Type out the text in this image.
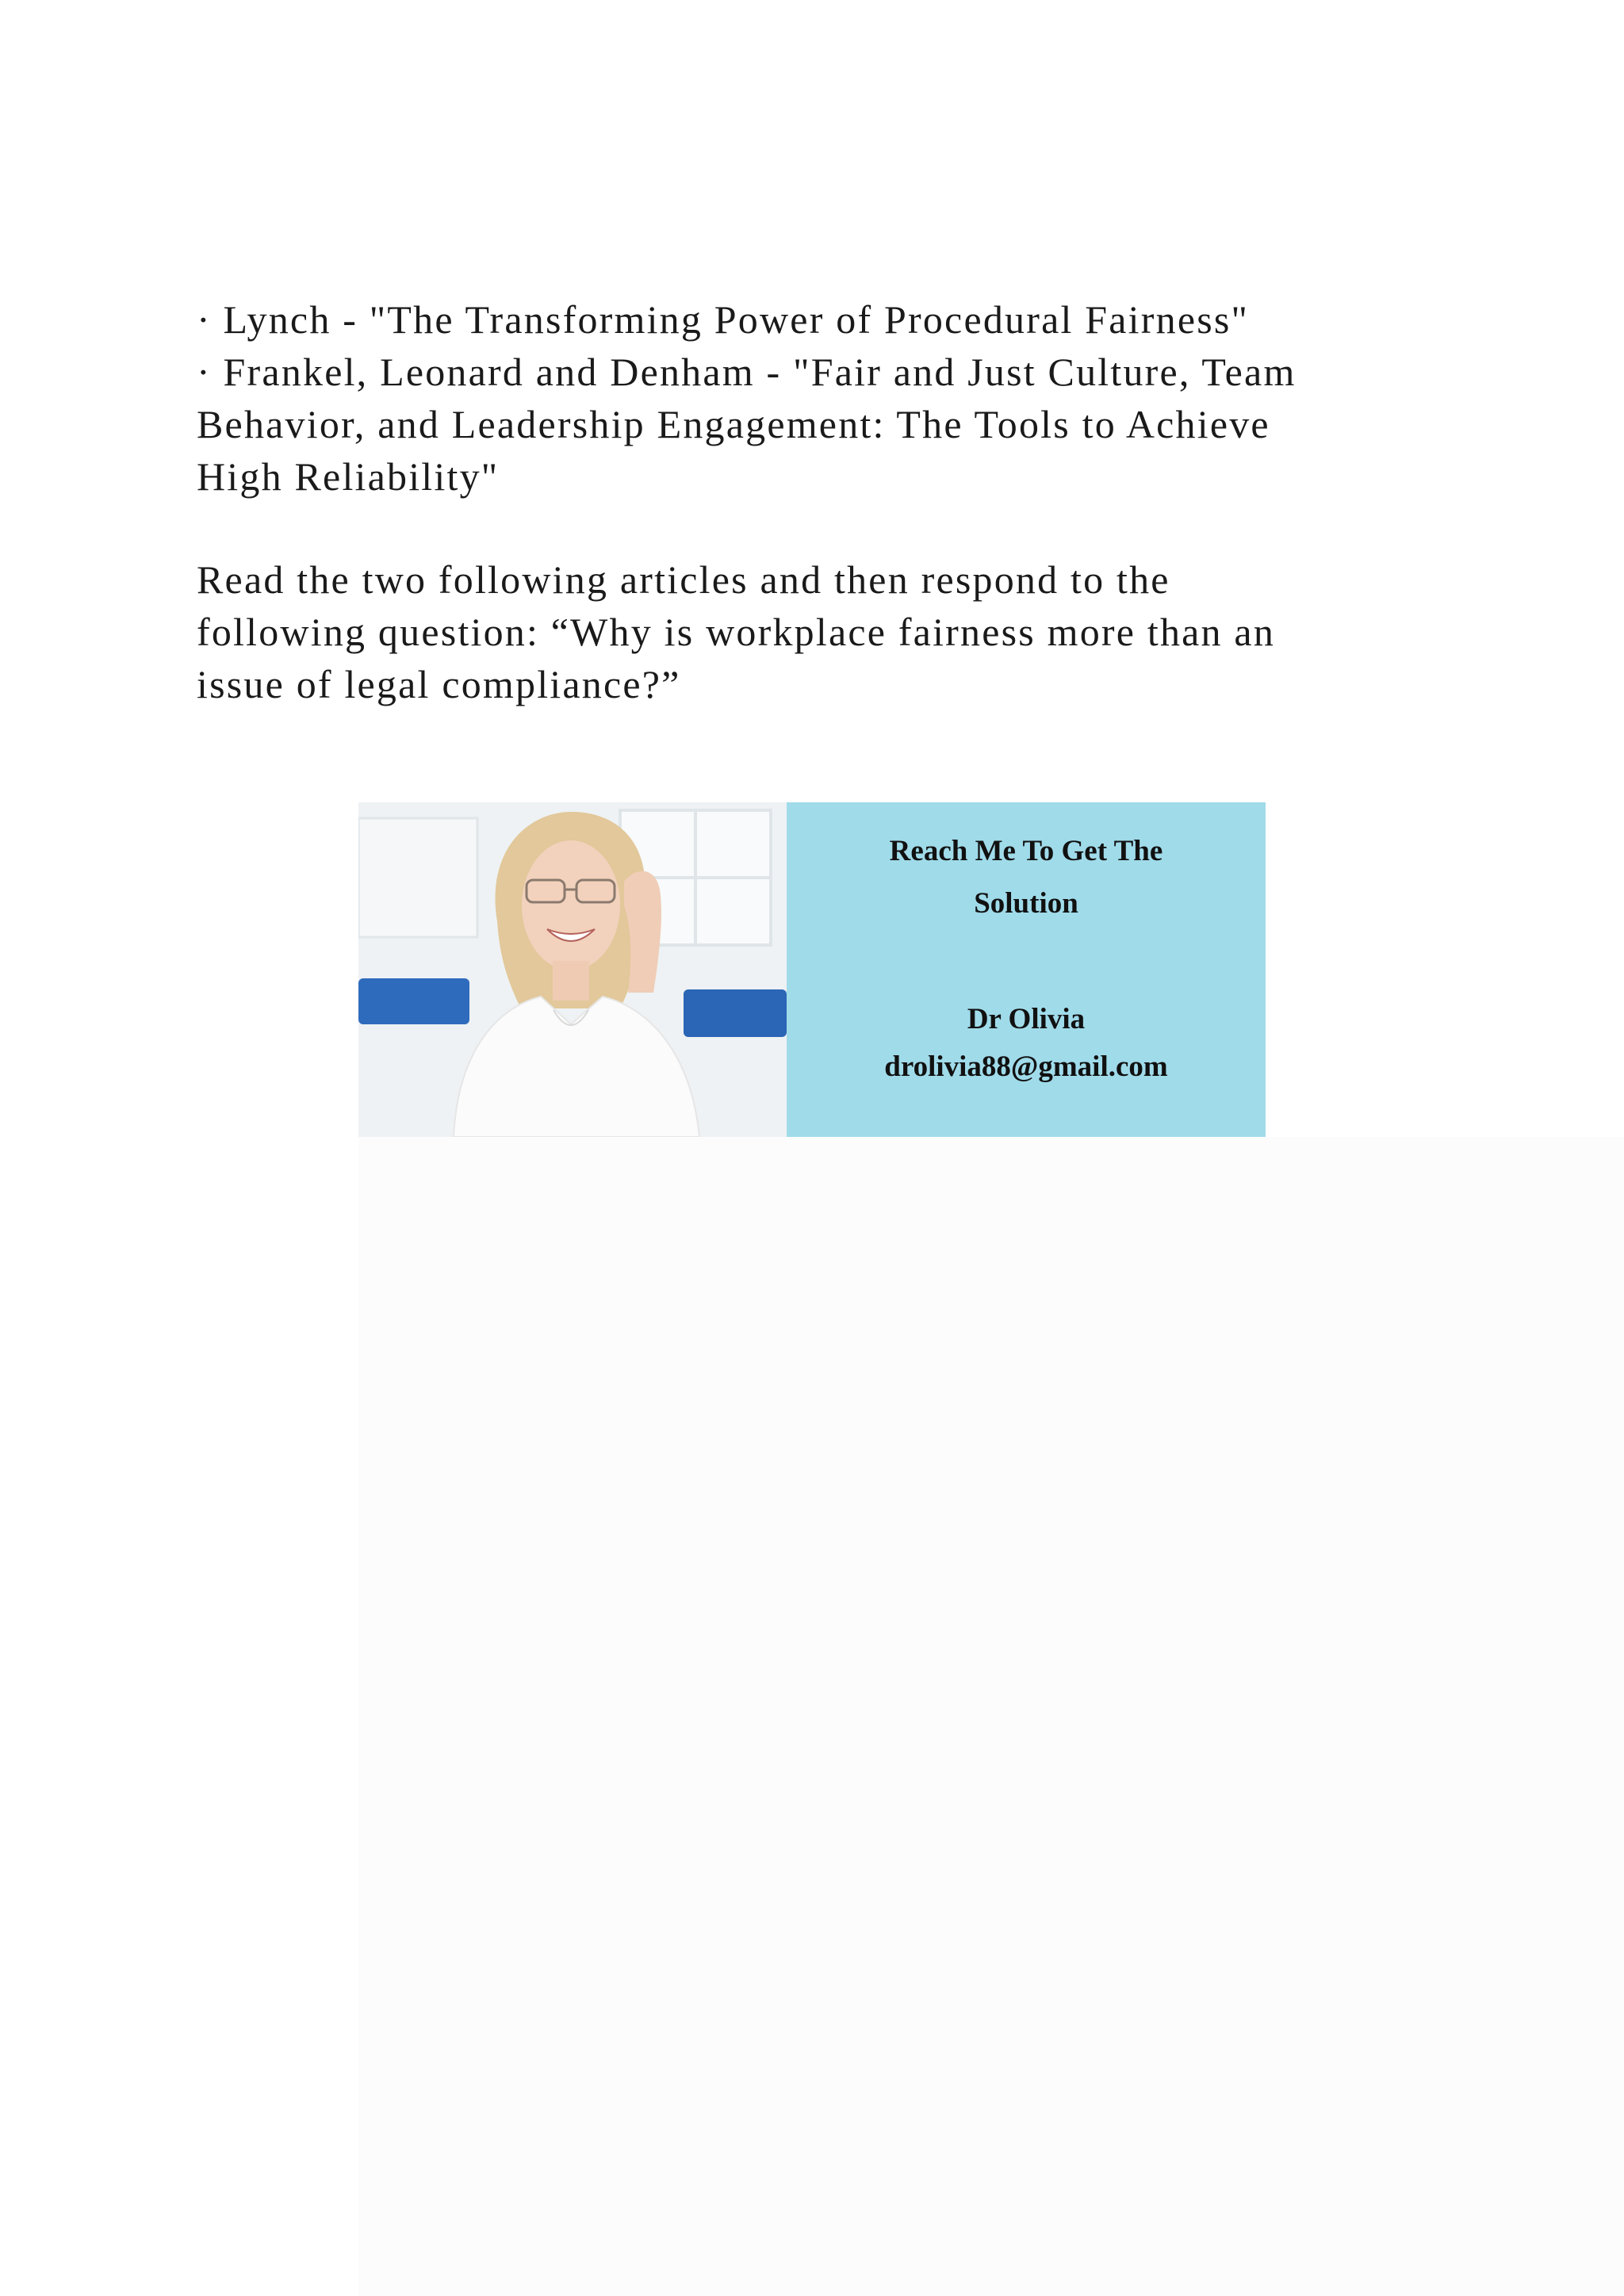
· Lynch - "The Transforming Power of Procedural Fairness"
· Frankel, Leonard and Denham - "Fair and Just Culture, Team
Behavior, and Leadership Engagement: The Tools to Achieve
High Reliability"
Read the two following articles and then respond to the
following question: “Why is workplace fairness more than an
issue of legal compliance?”
Reach Me To Get The
Solution
Dr Olivia
drolivia88@gmail.com
